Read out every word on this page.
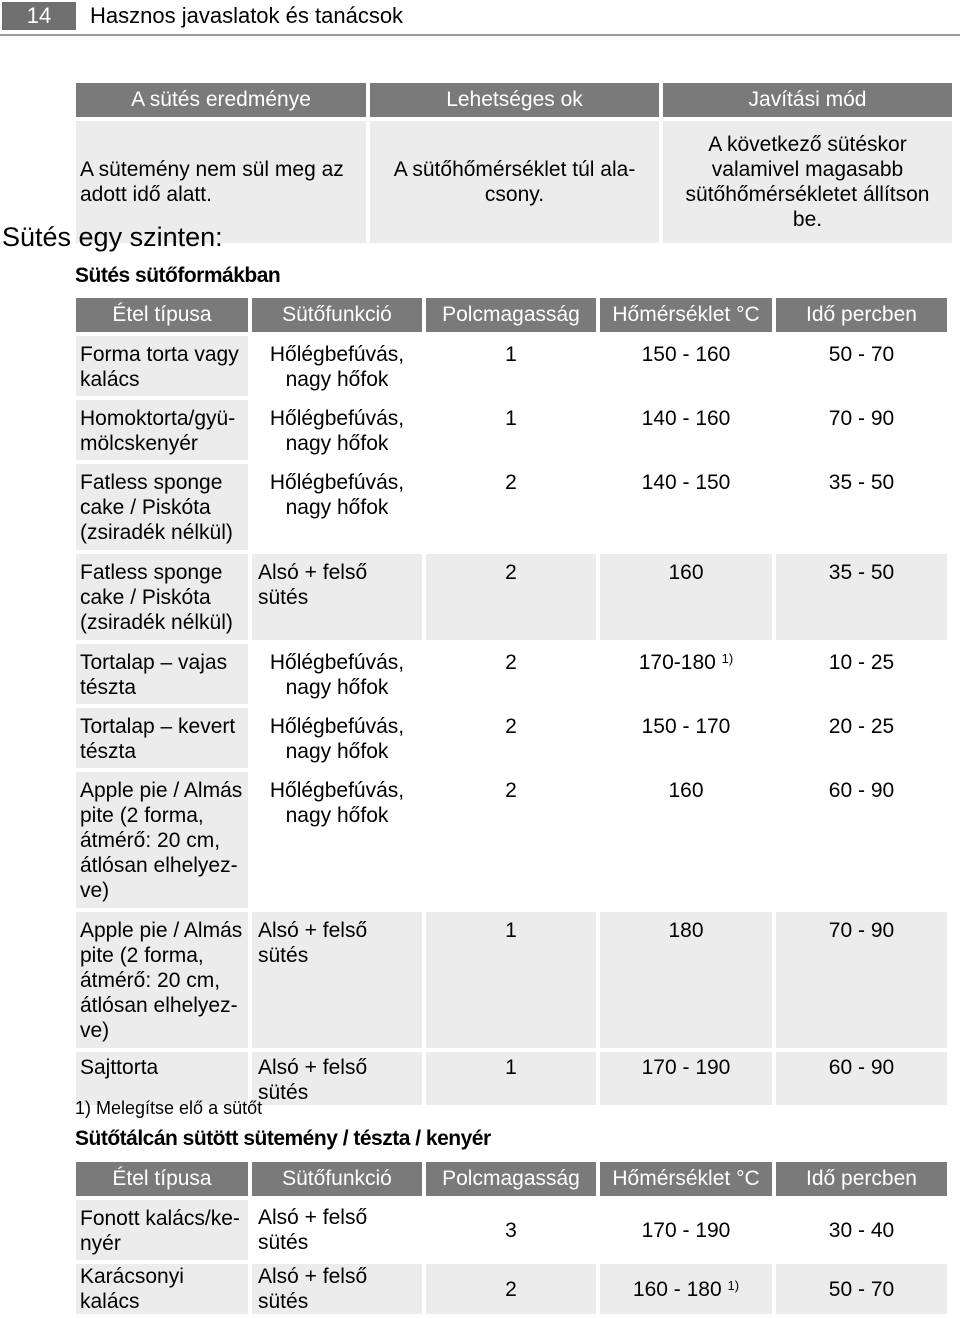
14	Hasznos javaslatok és tanácsok
A sütés eredménye	Lehetséges ok	Javítási mód
A sütemény nem sül meg az adott idő alatt.	A sütőhőmérséklet túl ala-csony.	A következő sütéskor valamivel magasabb sütőhőmérsékletet állítson be.
Sütés egy szinten:
Sütés sütőformákban
Étel típusa	Sütőfunkció	Polcmagasság	Hőmérséklet °C	Idő percben
Forma torta vagy kalács	Hőlégbefúvás, nagy hőfok	1	150 - 160	50 - 70
Homoktorta/gyü-mölcskenyér	Hőlégbefúvás, nagy hőfok	1	140 - 160	70 - 90
Fatless sponge cake / Piskóta (zsiradék nélkül)	Hőlégbefúvás, nagy hőfok	2	140 - 150	35 - 50
Fatless sponge cake / Piskóta (zsiradék nélkül)	Alsó + felső sütés	2	160	35 - 50
Tortalap – vajas tészta	Hőlégbefúvás, nagy hőfok	2	170-180 $^{1)}$	10 - 25
Tortalap – kevert tészta	Hőlégbefúvás, nagy hőfok	2	150 - 170	20 - 25
Apple pie / Almás pite (2 forma, átmérő: 20 cm, átlósan elhelyez-ve)	Hőlégbefúvás, nagy hőfok	2	160	60 - 90
Apple pie / Almás pite (2 forma, átmérő: 20 cm, átlósan elhelyez-ve)	Alsó + felső sütés	1	180	70 - 90
Sajttorta	Alsó + felső sütés	1	170 - 190	60 - 90
1) Melegítse elő a sütőt
Sütőtálcán sütött sütemény / tészta / kenyér
Étel típusa	Sütőfunkció	Polcmagasság	Hőmérséklet °C	Idő percben
Fonott kalács/ke-nyér	Alsó + felső sütés	3	170 - 190	30 - 40
Karácsonyi kalács	Alsó + felső sütés	2	160 - 180 $^{1)}$	50 - 70
